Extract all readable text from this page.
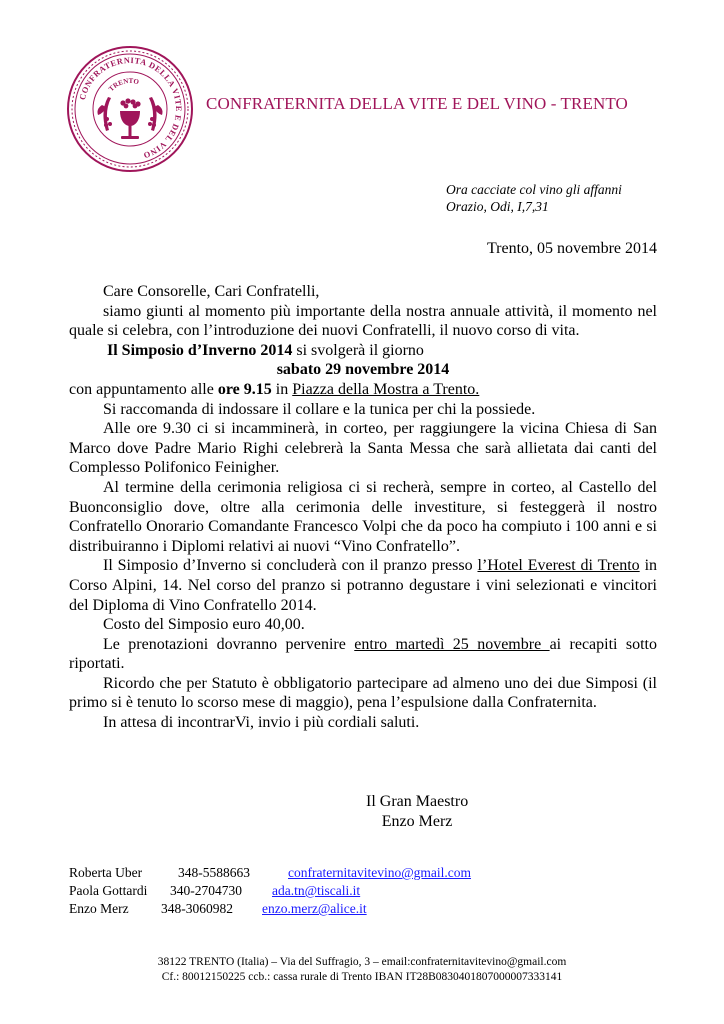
CONFRATERNITA DELLA VITE E DEL VINO
TRENTO
CONFRATERNITA DELLA VITE E DEL VINO - TRENTO
Ora cacciate col vino gli affanni
Orazio, Odi, I,7,31
Trento, 05 novembre 2014

Care Consorelle, Cari Confratelli,

siamo giunti al momento più importante della nostra annuale attività, il momento nel quale si celebra, con l’introduzione dei nuovi Confratelli, il nuovo corso di vita.

Il Simposio d’Inverno 2014 si svolgerà il giorno

sabato 29 novembre 2014

con appuntamento alle ore 9.15 in Piazza della Mostra a Trento.

Si raccomanda di indossare il collare e la tunica per chi la possiede.

Alle ore 9.30 ci si incamminerà, in corteo, per raggiungere la vicina Chiesa di San Marco dove Padre Mario Righi celebrerà la Santa Messa che sarà allietata dai canti del Complesso Polifonico Feinigher.

Al termine della cerimonia religiosa ci si recherà, sempre in corteo, al Castello del Buonconsiglio dove, oltre alla cerimonia delle investiture, si festeggerà il nostro Confratello Onorario Comandante Francesco Volpi che da poco ha compiuto i 100 anni e si distribuiranno i Diplomi relativi ai nuovi “Vino Confratello”.

Il Simposio d’Inverno si concluderà con il pranzo presso l’Hotel Everest di Trento in Corso Alpini, 14. Nel corso del pranzo si potranno degustare i vini selezionati e vincitori del Diploma di Vino Confratello 2014.

Costo del Simposio euro 40,00.

Le prenotazioni dovranno pervenire entro martedì 25 novembre ai recapiti sotto riportati.

Ricordo che per Statuto è obbligatorio partecipare ad almeno uno dei due Simposi (il primo si è tenuto lo scorso mese di maggio), pena l’espulsione dalla Confraternita.

In attesa di incontrarVi, invio i più cordiali saluti.

Il Gran Maestro
Enzo Merz
Roberta Uber	348-5588663	confraternitavitevino@gmail.com
Paola Gottardi	340-2704730	ada.tn@tiscali.it
Enzo Merz	348-3060982	enzo.merz@alice.it
38122 TRENTO (Italia) – Via del Suffragio, 3 – email:confraternitavitevino@gmail.com
Cf.: 80012150225 ccb.: cassa rurale di Trento IBAN IT28B0830401807000007333141
